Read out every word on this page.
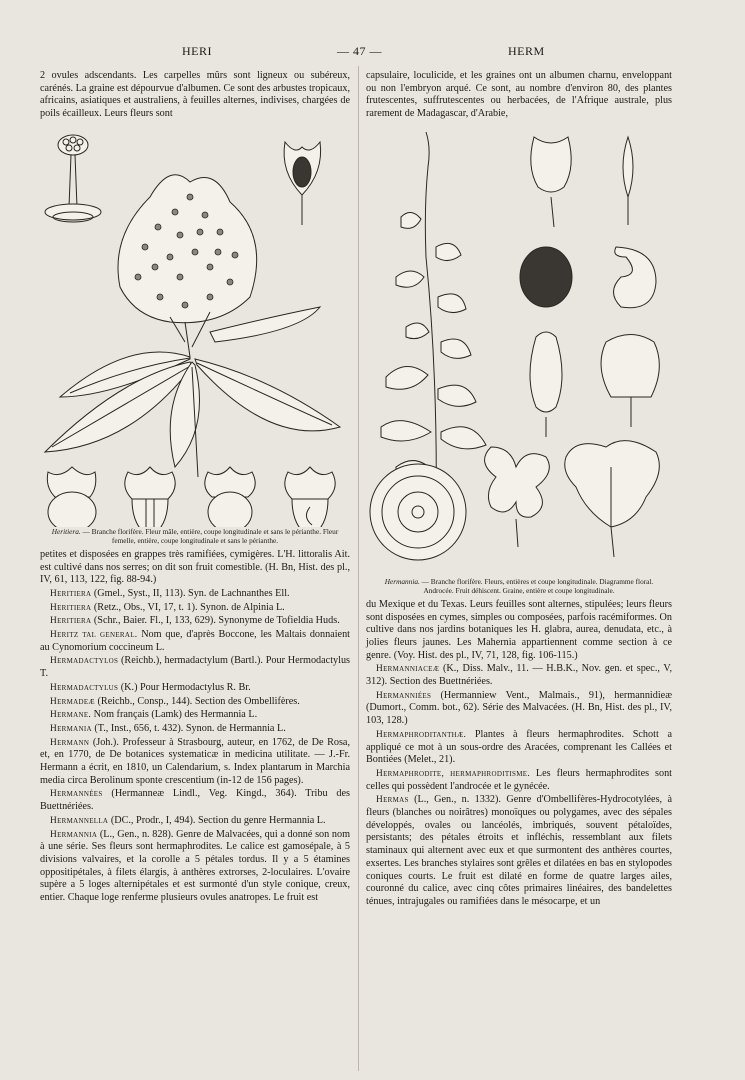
HERI	— 47 —	HERM

2 ovules adscendants. Les carpelles mûrs sont ligneux ou subéreux, carénés. La graine est dépourvue d'albumen. Ce sont des arbustes tropicaux, africains, asiatiques et australiens, à feuilles alternes, indivises, chargées de poils écailleux. Leurs fleurs sont

Heritiera. — Branche florifère. Fleur mâle, entière, coupe longitudinale et sans le périanthe. Fleur femelle, entière, coupe longitudinale et sans le périanthe.

petites et disposées en grappes très ramifiées, cymigères. L'H. littoralis Ait. est cultivé dans nos serres; on dit son fruit comestible. (H. Bn, Hist. des pl., IV, 61, 113, 122, fig. 88-94.)

Heritiera (Gmel., Syst., II, 113). Syn. de Lachnanthes Ell.

Heritiera (Retz., Obs., VI, 17, t. 1). Synon. de Alpinia L.

Heritiera (Schr., Baier. Fl., I, 133, 629). Synonyme de Tofieldia Huds.

Heritz tal general. Nom que, d'après Boccone, les Maltais donnaient au Cynomorium coccineum L.

Hermadactylos (Reichb.), hermadactylum (Bartl.). Pour Hermodactylus T.

Hermadactylus (K.) Pour Hermodactylus R. Br.

Hermadeæ (Reichb., Consp., 144). Section des Ombellifères.

Hermane. Nom français (Lamk) des Hermannia L.

Hermania (T., Inst., 656, t. 432). Synon. de Hermannia L.

Hermann (Joh.). Professeur à Strasbourg, auteur, en 1762, de De Rosa, et, en 1770, de De botanices systematicæ in medicina utilitate. — J.-Fr. Hermann a écrit, en 1810, un Calendarium, s. Index plantarum in Marchia media circa Berolinum sponte crescentium (in-12 de 156 pages).

Hermannées (Hermanneæ Lindl., Veg. Kingd., 364). Tribu des Buettnériées.

Hermannella (DC., Prodr., I, 494). Section du genre Hermannia L.

Hermannia (L., Gen., n. 828). Genre de Malvacées, qui a donné son nom à une série. Ses fleurs sont hermaphrodites. Le calice est gamosépale, à 5 divisions valvaires, et la corolle a 5 pétales tordus. Il y a 5 étamines oppositipétales, à filets élargis, à anthères extrorses, 2-loculaires. L'ovaire supère a 5 loges alternipétales et est surmonté d'un style conique, creux, entier. Chaque loge renferme plusieurs ovules anatropes. Le fruit est

capsulaire, loculicide, et les graines ont un albumen charnu, enveloppant ou non l'embryon arqué. Ce sont, au nombre d'environ 80, des plantes frutescentes, suffrutescentes ou herbacées, de l'Afrique australe, plus rarement de Madagascar, d'Arabie,

Hermannia. — Branche florifère. Fleurs, entières et coupe longitudinale. Diagramme floral. Androcée. Fruit déhiscent. Graine, entière et coupe longitudinale.

du Mexique et du Texas. Leurs feuilles sont alternes, stipulées; leurs fleurs sont disposées en cymes, simples ou composées, parfois racémiformes. On cultive dans nos jardins botaniques les H. glabra, aurea, denudata, etc., à jolies fleurs jaunes. Les Mahernia appartiennent comme section à ce genre. (Voy. Hist. des pl., IV, 71, 128, fig. 106-115.)

Hermanniaceæ (K., Diss. Malv., 11. — H.B.K., Nov. gen. et spec., V, 312). Section des Buettnériées.

Hermanniées (Hermanniew Vent., Malmais., 91), hermannidieæ (Dumort., Comm. bot., 62). Série des Malvacées. (H. Bn, Hist. des pl., IV, 103, 128.)

Hermaphroditanthæ. Plantes à fleurs hermaphrodites. Schott a appliqué ce mot à un sous-ordre des Aracées, comprenant les Callées et Bontiées (Melet., 21).

Hermaphrodite, hermaphroditisme. Les fleurs hermaphrodites sont celles qui possèdent l'androcée et le gynécée.

Hermas (L., Gen., n. 1332). Genre d'Ombellifères-Hydrocotylées, à fleurs (blanches ou noirâtres) monoïques ou polygames, avec des sépales développés, ovales ou lancéolés, imbriqués, souvent pétaloïdes, persistants; des pétales étroits et infléchis, ressemblant aux filets staminaux qui alternent avec eux et que surmontent des anthères courtes, exsertes. Les branches stylaires sont grêles et dilatées en bas en stylopodes coniques courts. Le fruit est dilaté en forme de quatre larges ailes, couronné du calice, avec cinq côtes primaires linéaires, des bandelettes ténues, intrajugales ou ramifiées dans le mésocarpe, et un
